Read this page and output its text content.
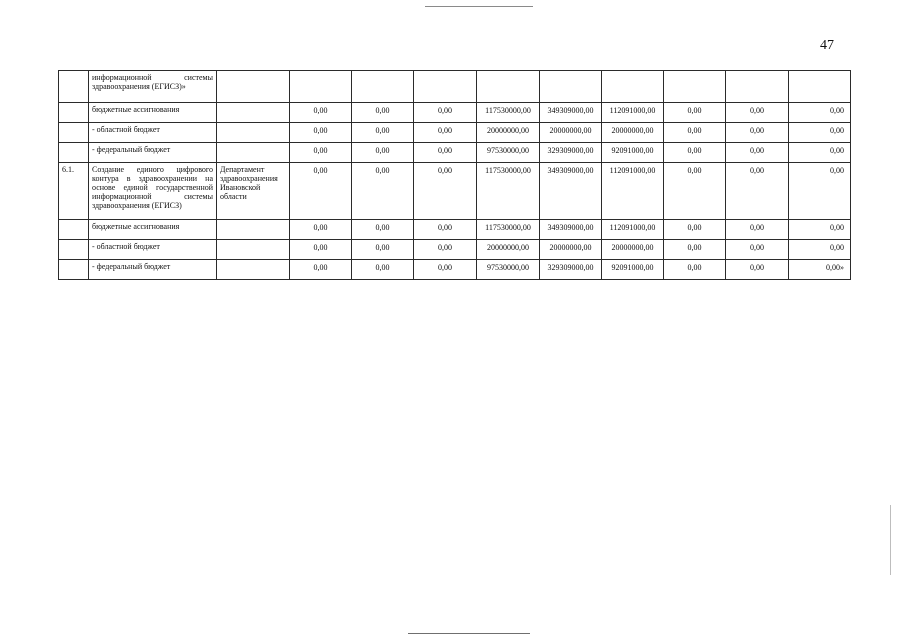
47
	информационной системы здравоохранения (ЕГИСЗ)»										
	бюджетные ассигнования		0,00	0,00	0,00	117530000,00	349309000,00	112091000,00	0,00	0,00	0,00
	- областной бюджет		0,00	0,00	0,00	20000000,00	20000000,00	20000000,00	0,00	0,00	0,00
	- федеральный бюджет		0,00	0,00	0,00	97530000,00	329309000,00	92091000,00	0,00	0,00	0,00
6.1.	Создание единого цифрового контура в здравоохранении на основе единой государственной информационной системы здравоохранения (ЕГИСЗ)	Департамент здравоохранения Ивановской области	0,00	0,00	0,00	117530000,00	349309000,00	112091000,00	0,00	0,00	0,00
	бюджетные ассигнования		0,00	0,00	0,00	117530000,00	349309000,00	112091000,00	0,00	0,00	0,00
	- областной бюджет		0,00	0,00	0,00	20000000,00	20000000,00	20000000,00	0,00	0,00	0,00
	- федеральный бюджет		0,00	0,00	0,00	97530000,00	329309000,00	92091000,00	0,00	0,00	0,00»
